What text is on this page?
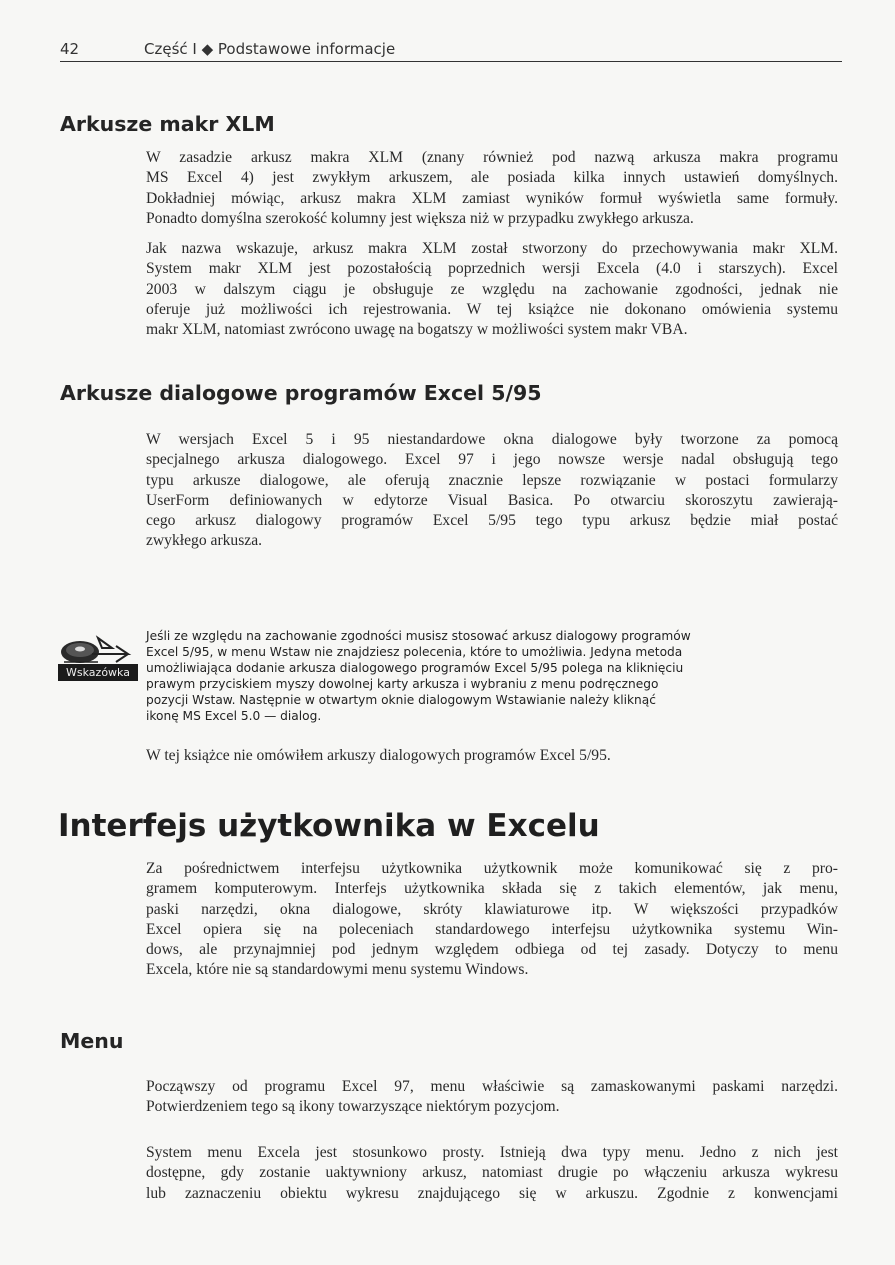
42	Część I ◆ Podstawowe informacje
Arkusze makr XLM
W zasadzie arkusz makra XLM (znany również pod nazwą arkusza makra programu
MS Excel 4) jest zwykłym arkuszem, ale posiada kilka innych ustawień domyślnych.
Dokładniej mówiąc, arkusz makra XLM zamiast wyników formuł wyświetla same formuły.
Ponadto domyślna szerokość kolumny jest większa niż w przypadku zwykłego arkusza.
Jak nazwa wskazuje, arkusz makra XLM został stworzony do przechowywania makr XLM.
System makr XLM jest pozostałością poprzednich wersji Excela (4.0 i starszych). Excel
2003 w dalszym ciągu je obsługuje ze względu na zachowanie zgodności, jednak nie
oferuje już możliwości ich rejestrowania. W tej książce nie dokonano omówienia systemu
makr XLM, natomiast zwrócono uwagę na bogatszy w możliwości system makr VBA.
Arkusze dialogowe programów Excel 5/95
W wersjach Excel 5 i 95 niestandardowe okna dialogowe były tworzone za pomocą
specjalnego arkusza dialogowego. Excel 97 i jego nowsze wersje nadal obsługują tego
typu arkusze dialogowe, ale oferują znacznie lepsze rozwiązanie w postaci formularzy
UserForm definiowanych w edytorze Visual Basica. Po otwarciu skoroszytu zawierają-
cego arkusz dialogowy programów Excel 5/95 tego typu arkusz będzie miał postać
zwykłego arkusza.
Wskazówka
Jeśli ze względu na zachowanie zgodności musisz stosować arkusz dialogowy programów
Excel 5/95, w menu Wstaw nie znajdziesz polecenia, które to umożliwia. Jedyna metoda
umożliwiająca dodanie arkusza dialogowego programów Excel 5/95 polega na kliknięciu
prawym przyciskiem myszy dowolnej karty arkusza i wybraniu z menu podręcznego
pozycji Wstaw. Następnie w otwartym oknie dialogowym Wstawianie należy kliknąć
ikonę MS Excel 5.0 — dialog.
W tej książce nie omówiłem arkuszy dialogowych programów Excel 5/95.
Interfejs użytkownika w Excelu
Za pośrednictwem interfejsu użytkownika użytkownik może komunikować się z pro-
gramem komputerowym. Interfejs użytkownika składa się z takich elementów, jak menu,
paski narzędzi, okna dialogowe, skróty klawiaturowe itp. W większości przypadków
Excel opiera się na poleceniach standardowego interfejsu użytkownika systemu Win-
dows, ale przynajmniej pod jednym względem odbiega od tej zasady. Dotyczy to menu
Excela, które nie są standardowymi menu systemu Windows.
Menu
Począwszy od programu Excel 97, menu właściwie są zamaskowanymi paskami narzędzi.
Potwierdzeniem tego są ikony towarzyszące niektórym pozycjom.
System menu Excela jest stosunkowo prosty. Istnieją dwa typy menu. Jedno z nich jest
dostępne, gdy zostanie uaktywniony arkusz, natomiast drugie po włączeniu arkusza wykresu
lub zaznaczeniu obiektu wykresu znajdującego się w arkuszu. Zgodnie z konwencjami
